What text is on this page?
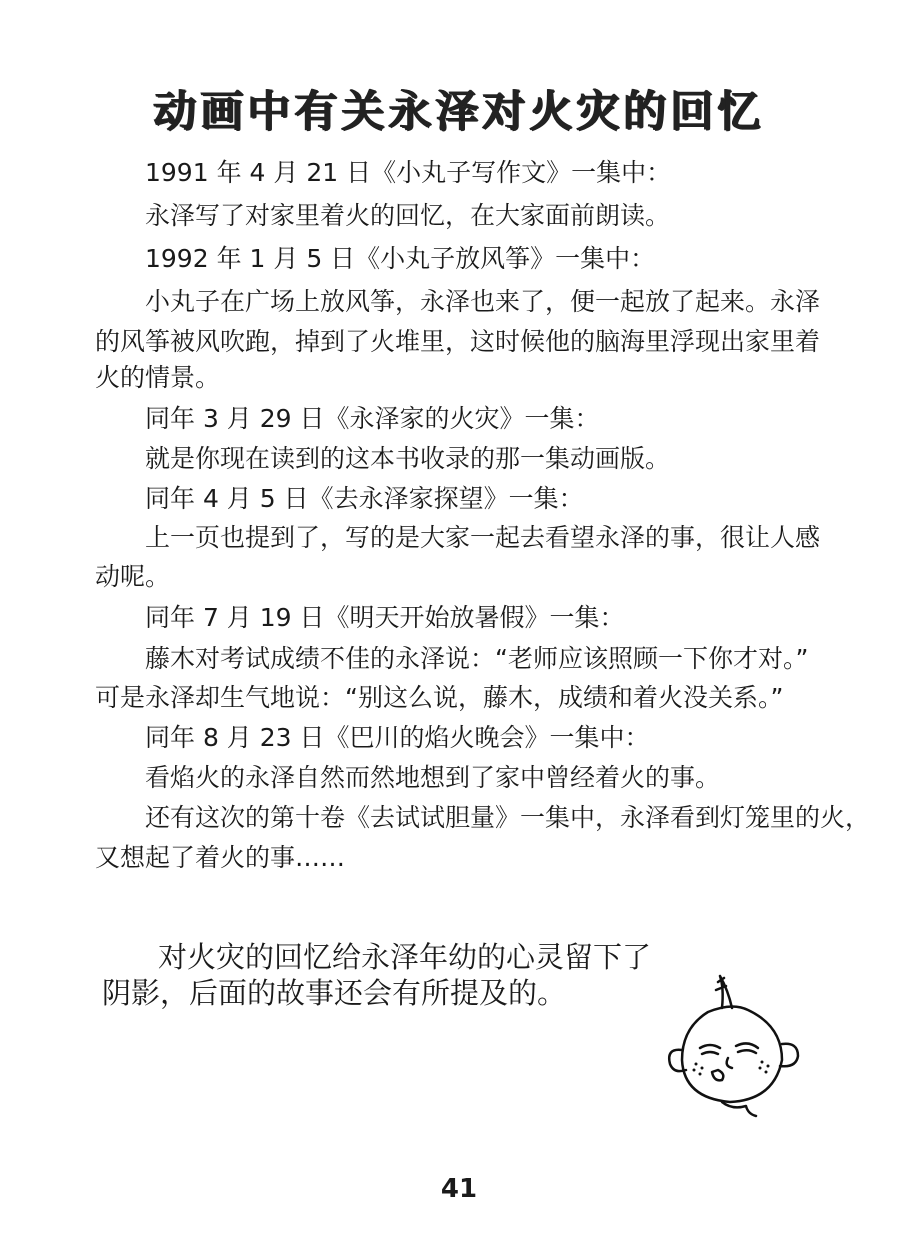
动画中有关永泽对火灾的回忆
1991 年 4 月 21 日《小丸子写作文》一集中：
永泽写了对家里着火的回忆，在大家面前朗读。
1992 年 1 月 5 日《小丸子放风筝》一集中：
小丸子在广场上放风筝，永泽也来了，便一起放了起来。永泽
的风筝被风吹跑，掉到了火堆里，这时候他的脑海里浮现出家里着
火的情景。
同年 3 月 29 日《永泽家的火灾》一集：
就是你现在读到的这本书收录的那一集动画版。
同年 4 月 5 日《去永泽家探望》一集：
上一页也提到了，写的是大家一起去看望永泽的事，很让人感
动呢。
同年 7 月 19 日《明天开始放暑假》一集：
藤木对考试成绩不佳的永泽说：“老师应该照顾一下你才对。”
可是永泽却生气地说：“别这么说，藤木，成绩和着火没关系。”
同年 8 月 23 日《巴川的焰火晚会》一集中：
看焰火的永泽自然而然地想到了家中曾经着火的事。
还有这次的第十卷《去试试胆量》一集中，永泽看到灯笼里的火，
又想起了着火的事……
对火灾的回忆给永泽年幼的心灵留下了
阴影，后面的故事还会有所提及的。
41
